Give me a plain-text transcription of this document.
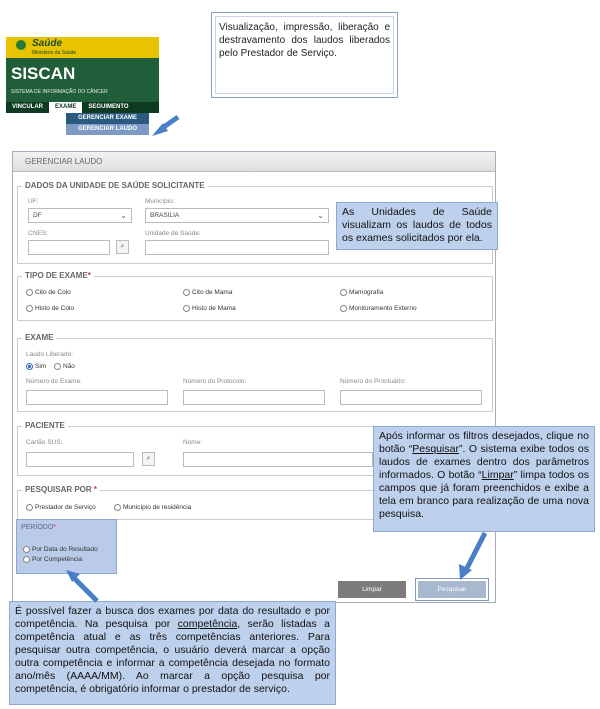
Visualização, impressão, liberação e destravamento dos laudos liberados pelo Prestador de Serviço.
Saúde
Ministério da Saúde
SISCAN
SISTEMA DE INFORMAÇÃO DO CÂNCER
VINCULAR	EXAME	SEGUIMENTO
GERENCIAR EXAME
GERENCIAR LAUDO
GERENCIAR LAUDO
DADOS DA UNIDADE DE SAÚDE SOLICITANTE
UF:
DF	⌄
Município:
BRASILIA	⌄
CNES:
⌕
Unidade de Saúde:
TIPO DE EXAME*
Cito de Colo	Cito de Mama	Mamografia
Histo de Colo	Histo de Mama	Monitoramento Externo
EXAME
Laudo Liberado:
Sim	Não
Número do Exame:	Número do Protocolo:	Número do Prontuário:
PACIENTE
Cartão SUS:
⌕
Nome:
PESQUISAR POR *
Prestador de Serviço	Município de residência
PERÍODO*
Por Data do Resultado
Por Competência
Limpar	Pesquisar
As Unidades de Saúde visualizam os laudos de todos os exames solicitados por ela.
Após informar os filtros desejados, clique no botão “Pesquisar”. O sistema exibe todos os laudos de exames dentro dos parâmetros informados. O botão “Limpar” limpa todos os campos que já foram preenchidos e exibe a tela em branco para realização de uma nova pesquisa.
É possível fazer a busca dos exames por data do resultado e por competência. Na pesquisa por competência, serão listadas a competência atual e as três competências anteriores. Para pesquisar outra competência, o usuário deverá marcar a opção outra competência e informar a competência desejada no formato ano/mês (AAAA/MM). Ao marcar a opção pesquisa por competência, é obrigatório informar o prestador de serviço.
